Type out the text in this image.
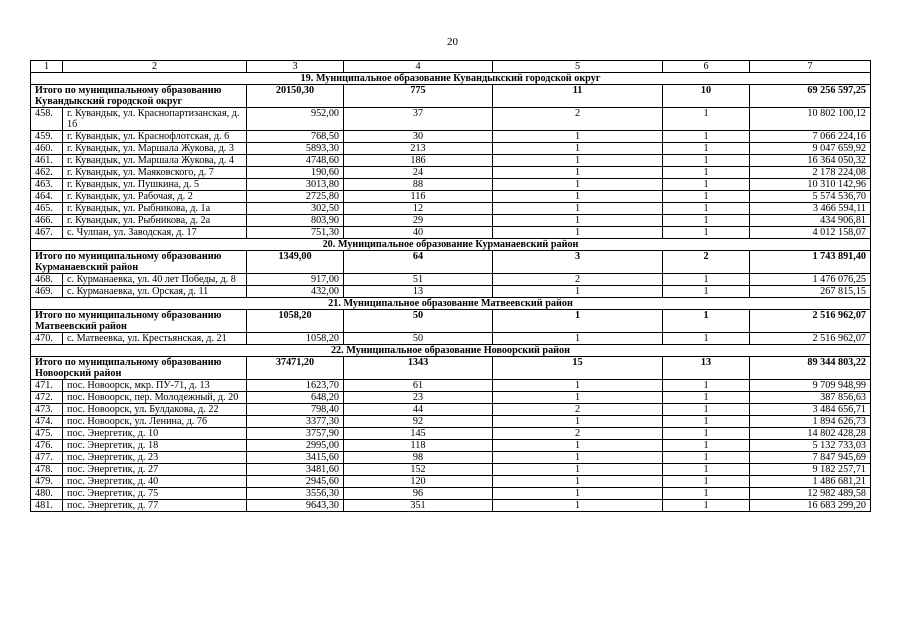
20
1	2	3	4	5	6	7
19. Муниципальное образование Кувандыкский городской округ						
Итого по муниципальному образованию Кувандыкский городской округ		20150,30	775	11	10	69 256 597,25
458.	г. Кувандык, ул. Краснопартизанская, д. 1б	952,00	37	2	1	10 802 100,12
459.	г. Кувандык, ул. Краснофлотская, д. 6	768,50	30	1	1	7 066 224,16
460.	г. Кувандык, ул. Маршала Жукова, д. 3	5893,30	213	1	1	9 047 659,92
461.	г. Кувандык, ул. Маршала Жукова, д. 4	4748,60	186	1	1	16 364 050,32
462.	г. Кувандык, ул. Маяковского, д. 7	190,60	24	1	1	2 178 224,08
463.	г. Кувандык, ул. Пушкина, д. 5	3013,80	88	1	1	10 310 142,96
464.	г. Кувандык, ул. Рабочая, д. 2	2725,80	116	1	1	5 574 536,70
465.	г. Кувандык, ул. Рыбникова, д. 1а	302,50	12	1	1	3 466 594,11
466.	г. Кувандык, ул. Рыбникова, д. 2а	803,90	29	1	1	434 906,81
467.	с. Чулпан, ул. Заводская, д. 17	751,30	40	1	1	4 012 158,07
20. Муниципальное образование Курманаевский район						
Итого по муниципальному образованию Курманаевский район		1349,00	64	3	2	1 743 891,40
468.	с. Курманаевка, ул. 40 лет Победы, д. 8	917,00	51	2	1	1 476 076,25
469.	с. Курманаевка, ул. Орская, д. 11	432,00	13	1	1	267 815,15
21. Муниципальное образование Матвеевский район						
Итого по муниципальному образованию Матвеевский район		1058,20	50	1	1	2 516 962,07
470.	с. Матвеевка, ул. Крестьянская, д. 21	1058,20	50	1	1	2 516 962,07
22. Муниципальное образование Новоорский район						
Итого по муниципальному образованию Новоорский район		37471,20	1343	15	13	89 344 803,22
471.	пос. Новоорск, мкр. ПУ-71, д. 13	1623,70	61	1	1	9 709 948,99
472.	пос. Новоорск, пер. Молодежный, д. 20	648,20	23	1	1	387 856,63
473.	пос. Новоорск, ул. Булдакова, д. 22	798,40	44	2	1	3 484 656,71
474.	пос. Новоорск, ул. Ленина, д. 76	3377,30	92	1	1	1 894 626,73
475.	пос. Энергетик, д. 10	3757,90	145	2	1	14 802 428,28
476.	пос. Энергетик, д. 18	2995,00	118	1	1	5 132 733,03
477.	пос. Энергетик, д. 23	3415,60	98	1	1	7 847 945,69
478.	пос. Энергетик, д. 27	3481,60	152	1	1	9 182 257,71
479.	пос. Энергетик, д. 40	2945,60	120	1	1	1 486 681,21
480.	пос. Энергетик, д. 75	3556,30	96	1	1	12 982 489,58
481.	пос. Энергетик, д. 77	9643,30	351	1	1	16 683 299,20
